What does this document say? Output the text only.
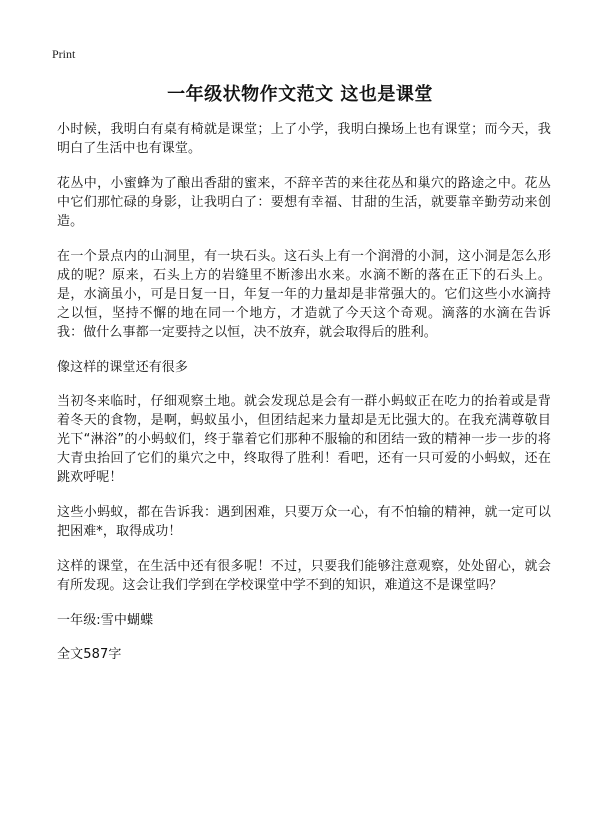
Print
一年级状物作文范文 这也是课堂

小时候，我明白有桌有椅就是课堂；上了小学，我明白操场上也有课堂；而今天，我明白了生活中也有课堂。

花丛中，小蜜蜂为了酿出香甜的蜜来，不辞辛苦的来往花丛和巢穴的路途之中。花丛中它们那忙碌的身影，让我明白了：要想有幸福、甘甜的生活，就要靠辛勤劳动来创造。

在一个景点内的山洞里，有一块石头。这石头上有一个润滑的小洞，这小洞是怎么形成的呢？原来，石头上方的岩缝里不断渗出水来。水滴不断的落在正下的石头上。是，水滴虽小，可是日复一日，年复一年的力量却是非常强大的。它们这些小水滴持之以恒，坚持不懈的地在同一个地方，才造就了今天这个奇观。滴落的水滴在告诉我：做什么事都一定要持之以恒，决不放弃，就会取得后的胜利。

像这样的课堂还有很多

当初冬来临时，仔细观察土地。就会发现总是会有一群小蚂蚁正在吃力的抬着或是背着冬天的食物，是啊，蚂蚁虽小，但团结起来力量却是无比强大的。在我充满尊敬目光下“淋浴”的小蚂蚁们，终于靠着它们那种不服输的和团结一致的精神一步一步的将大青虫抬回了它们的巢穴之中，终取得了胜利！看吧，还有一只可爱的小蚂蚁，还在跳欢呼呢！

这些小蚂蚁，都在告诉我：遇到困难，只要万众一心，有不怕输的精神，就一定可以把困难*，取得成功！

这样的课堂，在生活中还有很多呢！不过，只要我们能够注意观察，处处留心，就会有所发现。这会让我们学到在学校课堂中学不到的知识，难道这不是课堂吗？

一年级:雪中蝴蝶

全文587字
